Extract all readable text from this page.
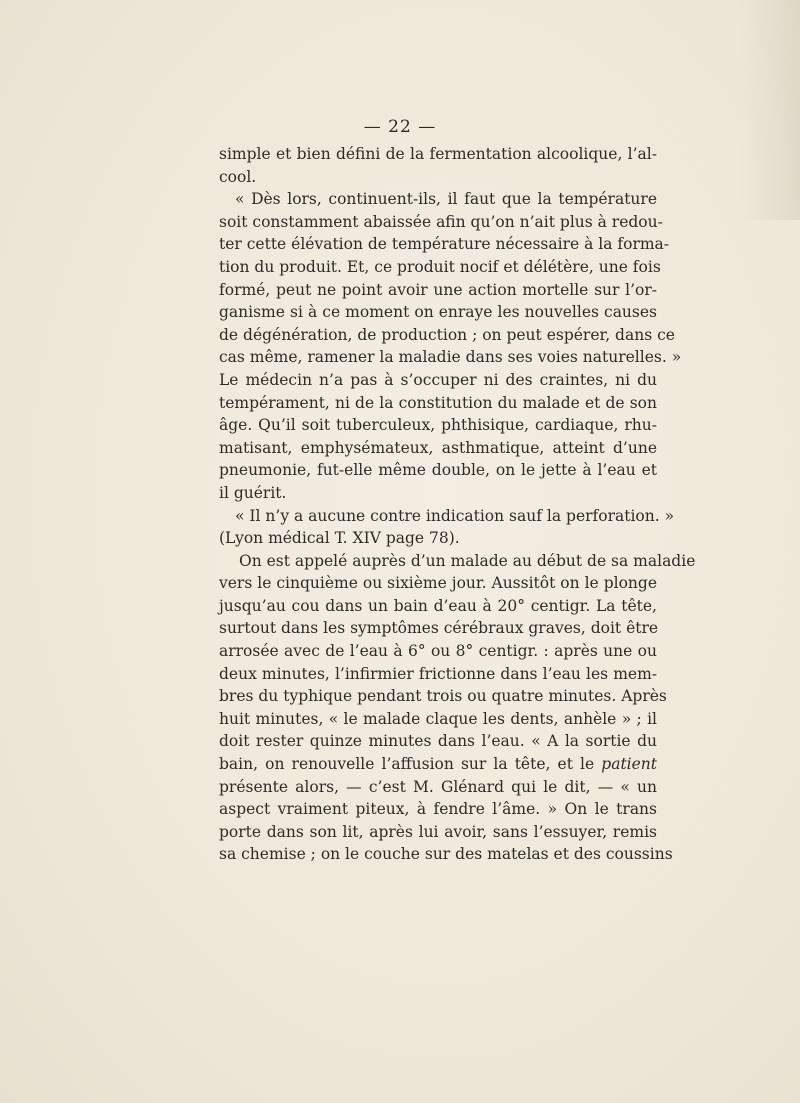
— 22 —
simple et bien défini de la fermentation alcoolique, l’al-
cool.
« Dès lors, continuent-ils, il faut que la température
soit constamment abaissée afin qu’on n’ait plus à redou-
ter cette élévation de température nécessaire à la forma-
tion du produit. Et, ce produit nocif et délétère, une fois
formé, peut ne point avoir une action mortelle sur l’or-
ganisme si à ce moment on enraye les nouvelles causes
de dégénération, de production ; on peut espérer, dans ce
cas même, ramener la maladie dans ses voies naturelles. »
Le médecin n’a pas à s’occuper ni des craintes, ni du
tempérament, ni de la constitution du malade et de son
âge. Qu’il soit tuberculeux, phthisique, cardiaque, rhu-
matisant, emphysémateux, asthmatique, atteint d’une
pneumonie, fut-elle même double, on le jette à l’eau et
il guérit.
« Il n’y a aucune contre indication sauf la perforation. »
(Lyon médical T. XIV page 78).
On est appelé auprès d’un malade au début de sa maladie
vers le cinquième ou sixième jour. Aussitôt on le plonge
jusqu’au cou dans un bain d’eau à 20° centigr. La tête,
surtout dans les symptômes cérébraux graves, doit être
arrosée avec de l’eau à 6° ou 8° centigr. : après une ou
deux minutes, l’infirmier frictionne dans l’eau les mem-
bres du typhique pendant trois ou quatre minutes. Après
huit minutes, « le malade claque les dents, anhèle » ; il
doit rester quinze minutes dans l’eau. « A la sortie du
bain, on renouvelle l’affusion sur la tête, et le patient
présente alors, — c’est M. Glénard qui le dit, — « un
aspect vraiment piteux, à fendre l’âme. » On le trans
porte dans son lit, après lui avoir, sans l’essuyer, remis
sa chemise ; on le couche sur des matelas et des coussins
